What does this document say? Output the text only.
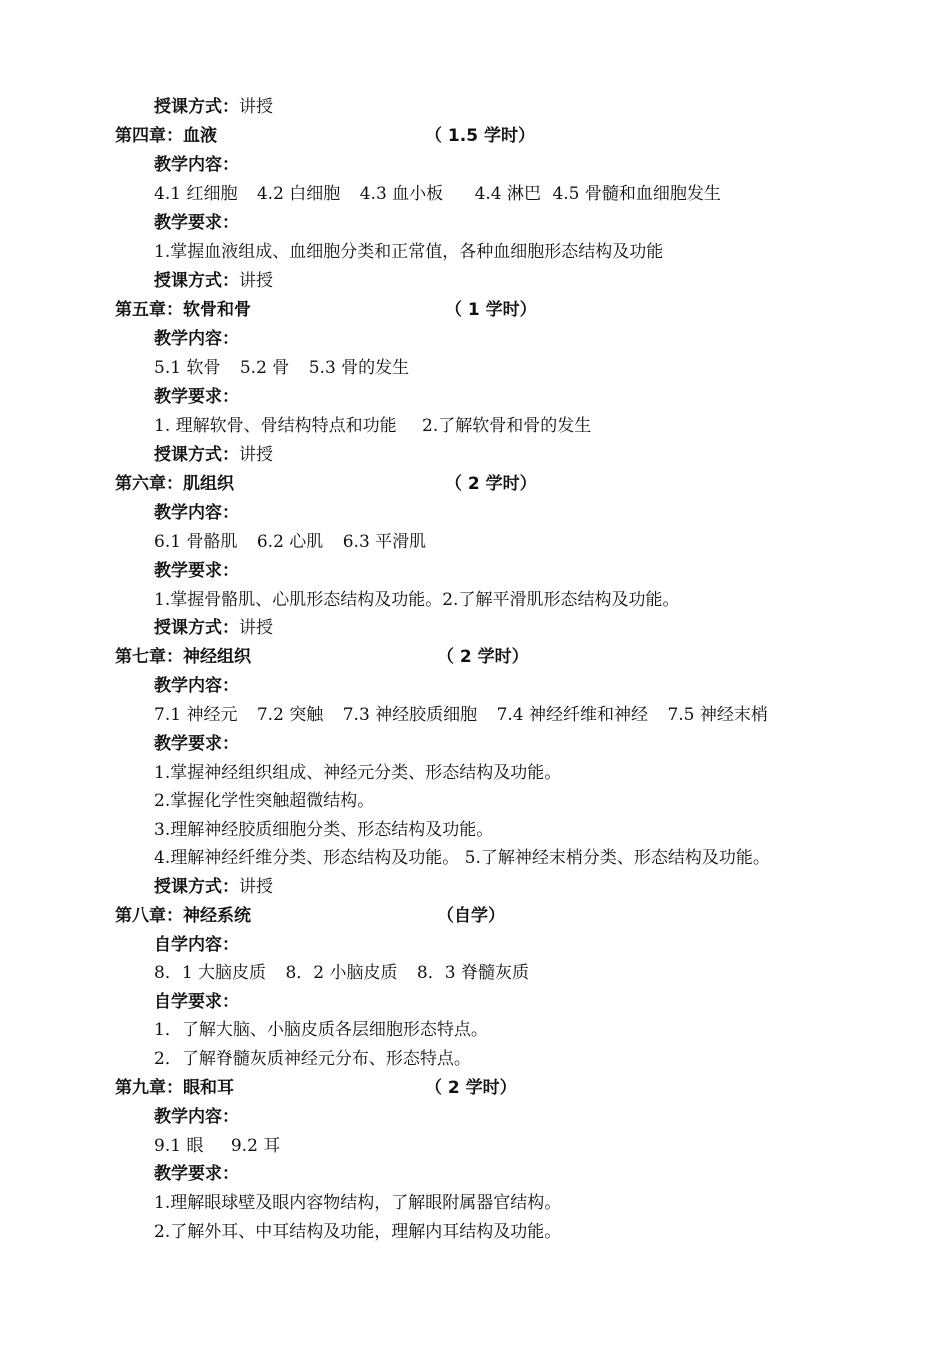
授课方式：讲授
第四章：血液	（ 1.5 学时）
教学内容：
4.1 红细胞 4.2 白细胞 4.3 血小板 4.4 淋巴 4.5 骨髓和血细胞发生
教学要求：
1.掌握血液组成、血细胞分类和正常值，各种血细胞形态结构及功能
授课方式：讲授
第五章：软骨和骨	（ 1 学时）
教学内容：
5.1 软骨 5.2 骨 5.3 骨的发生
教学要求：
1. 理解软骨、骨结构特点和功能 2.了解软骨和骨的发生
授课方式：讲授
第六章：肌组织	（ 2 学时）
教学内容：
6.1 骨骼肌 6.2 心肌 6.3 平滑肌
教学要求：
1.掌握骨骼肌、心肌形态结构及功能。2.了解平滑肌形态结构及功能。
授课方式：讲授
第七章：神经组织	（ 2 学时）
教学内容：
7.1 神经元 7.2 突触 7.3 神经胶质细胞 7.4 神经纤维和神经 7.5 神经末梢
教学要求：
1.掌握神经组织组成、神经元分类、形态结构及功能。
2.掌握化学性突触超微结构。
3.理解神经胶质细胞分类、形态结构及功能。
4.理解神经纤维分类、形态结构及功能。 5.了解神经末梢分类、形态结构及功能。
授课方式：讲授
第八章：神经系统	（自学）
自学内容：
8．1 大脑皮质 8．2 小脑皮质 8．3 脊髓灰质
自学要求：
1．了解大脑、小脑皮质各层细胞形态特点。
2．了解脊髓灰质神经元分布、形态特点。
第九章：眼和耳	（ 2 学时）
教学内容：
9.1 眼 9.2 耳
教学要求：
1.理解眼球壁及眼内容物结构，了解眼附属器官结构。
2.了解外耳、中耳结构及功能，理解内耳结构及功能。
